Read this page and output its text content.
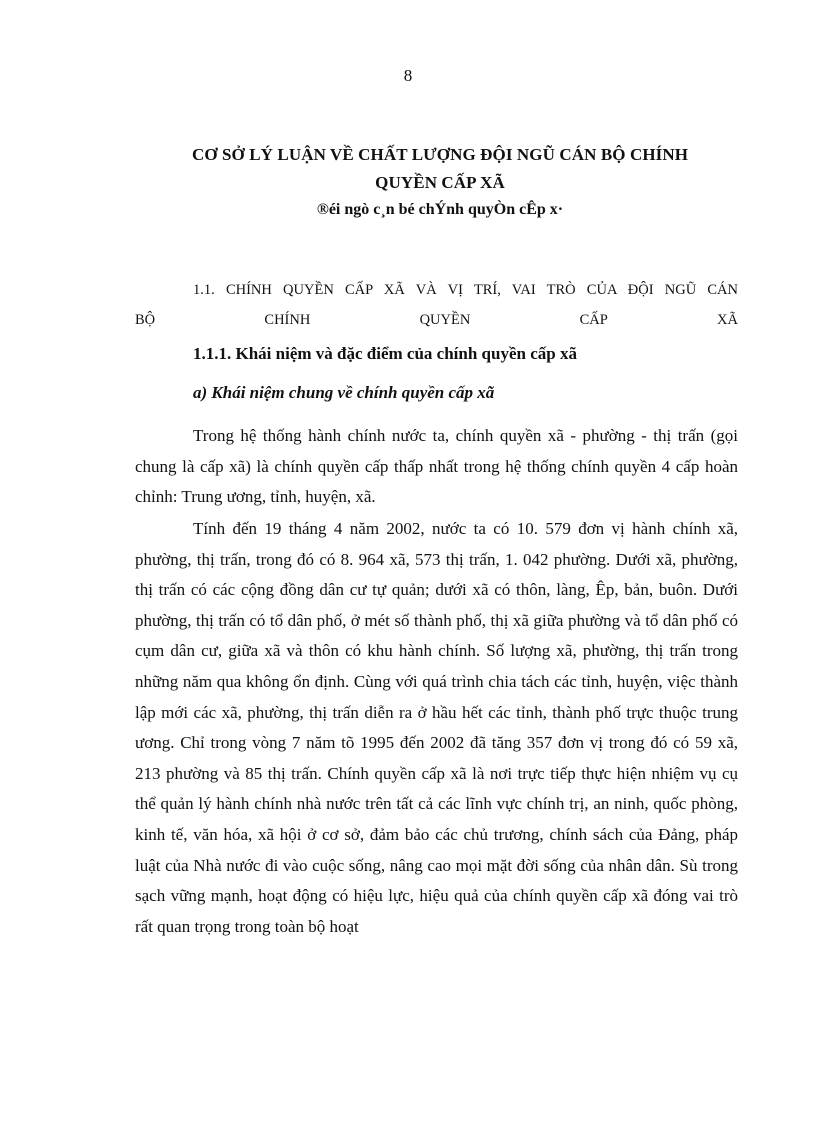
8
CƠ SỞ LÝ LUẬN VỀ CHẤT LƯỢNG ĐỘI NGŨ CÁN BỘ CHÍNH
QUYỀN CẤP XÃ
®éi ngò c¸n bé chÝnh quyÒn cÊp x·
1.1. CHÍNH QUYỀN CẤP XÃ VÀ VỊ TRÍ, VAI TRÒ CỦA ĐỘI NGŨ CÁN
BỘ	CHÍNH	QUYỀN	CẤP	XÃ
1.1.1. Khái niệm và đặc điểm của chính quyền cấp xã
a) Khái niệm chung về chính quyền cấp xã

Trong hệ thống hành chính nước ta, chính quyền xã - phường - thị trấn (gọi chung là cấp xã) là chính quyền cấp thấp nhất trong hệ thống chính quyền 4 cấp hoàn chỉnh: Trung ương, tỉnh, huyện, xã.

Tính đến 19 tháng 4 năm 2002, nước ta có 10. 579 đơn vị hành chính xã, phường, thị trấn, trong đó có 8. 964 xã, 573 thị trấn, 1. 042 phường. Dưới xã, phường, thị trấn có các cộng đồng dân cư tự quản; dưới xã có thôn, làng, Êp, bản, buôn. Dưới phường, thị trấn có tổ dân phố, ở mét số thành phố, thị xã giữa phường và tổ dân phố có cụm dân cư, giữa xã và thôn có khu hành chính. Số lượng xã, phường, thị trấn trong những năm qua không ổn định. Cùng với quá trình chia tách các tỉnh, huyện, việc thành lập mới các xã, phường, thị trấn diễn ra ở hầu hết các tỉnh, thành phố trực thuộc trung ương. Chỉ trong vòng 7 năm tõ 1995 đến 2002 đã tăng 357 đơn vị trong đó có 59 xã, 213 phường và 85 thị trấn. Chính quyền cấp xã là nơi trực tiếp thực hiện nhiệm vụ cụ thể quản lý hành chính nhà nước trên tất cả các lĩnh vực chính trị, an ninh, quốc phòng, kinh tế, văn hóa, xã hội ở cơ sở, đảm bảo các chủ trương, chính sách của Đảng, pháp luật của Nhà nước đi vào cuộc sống, nâng cao mọi mặt đời sống của nhân dân. Sù trong sạch vững mạnh, hoạt động có hiệu lực, hiệu quả của chính quyền cấp xã đóng vai trò rất quan trọng trong toàn bộ hoạt
